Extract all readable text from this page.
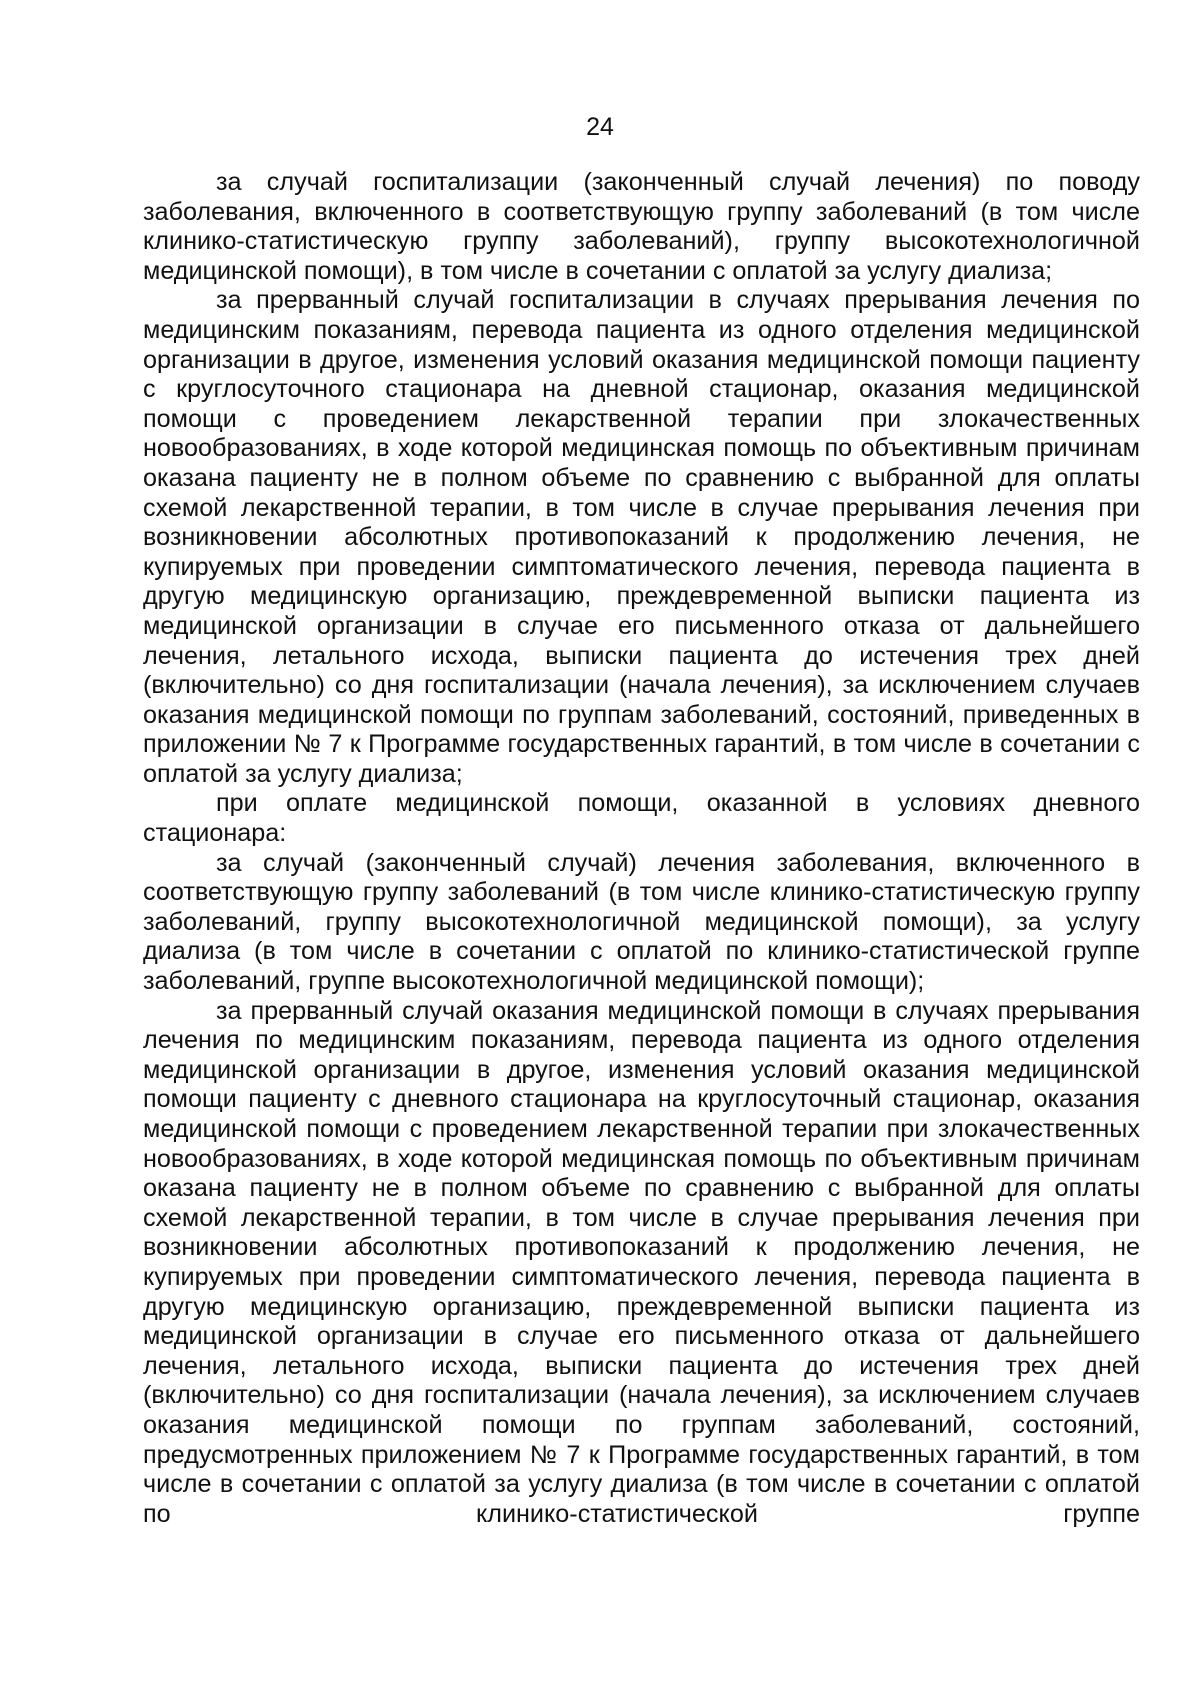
24

за случай госпитализации (законченный случай лечения) по поводу заболевания, включенного в соответствующую группу заболеваний (в том числе клинико-статистическую группу заболеваний), группу высокотехнологичной медицинской помощи), в том числе в сочетании с оплатой за услугу диализа;

за прерванный случай госпитализации в случаях прерывания лечения по медицинским показаниям, перевода пациента из одного отделения медицинской организации в другое, изменения условий оказания медицинской помощи пациенту с круглосуточного стационара на дневной стационар, оказания медицинской помощи с проведением лекарственной терапии при злокачественных новообразованиях, в ходе которой медицинская помощь по объективным причинам оказана пациенту не в полном объеме по сравнению с выбранной для оплаты схемой лекарственной терапии, в том числе в случае прерывания лечения при возникновении абсолютных противопоказаний к продолжению лечения, не купируемых при проведении симптоматического лечения, перевода пациента в другую медицинскую организацию, преждевременной выписки пациента из медицинской организации в случае его письменного отказа от дальнейшего лечения, летального исхода, выписки пациента до истечения трех дней (включительно) со дня госпитализации (начала лечения), за исключением случаев оказания медицинской помощи по группам заболеваний, состояний, приведенных в приложении № 7 к Программе государственных гарантий, в том числе в сочетании с оплатой за услугу диализа;

при оплате медицинской помощи, оказанной в условиях дневного стационара:

за случай (законченный случай) лечения заболевания, включенного в соответствующую группу заболеваний (в том числе клинико-статистическую группу заболеваний, группу высокотехнологичной медицинской помощи), за услугу диализа (в том числе в сочетании с оплатой по клинико-статистической группе заболеваний, группе высокотехнологичной медицинской помощи);

за прерванный случай оказания медицинской помощи в случаях прерывания лечения по медицинским показаниям, перевода пациента из одного отделения медицинской организации в другое, изменения условий оказания медицинской помощи пациенту с дневного стационара на круглосуточный стационар, оказания медицинской помощи с проведением лекарственной терапии при злокачественных новообразованиях, в ходе которой медицинская помощь по объективным причинам оказана пациенту не в полном объеме по сравнению с выбранной для оплаты схемой лекарственной терапии, в том числе в случае прерывания лечения при возникновении абсолютных противопоказаний к продолжению лечения, не купируемых при проведении симптоматического лечения, перевода пациента в другую медицинскую организацию, преждевременной выписки пациента из медицинской организации в случае его письменного отказа от дальнейшего лечения, летального исхода, выписки пациента до истечения трех дней (включительно) со дня госпитализации (начала лечения), за исключением случаев оказания медицинской помощи по группам заболеваний, состояний, предусмотренных приложением № 7 к Программе государственных гарантий, в том числе в сочетании с оплатой за услугу диализа (в том числе в сочетании с оплатой по клинико-статистической группе
